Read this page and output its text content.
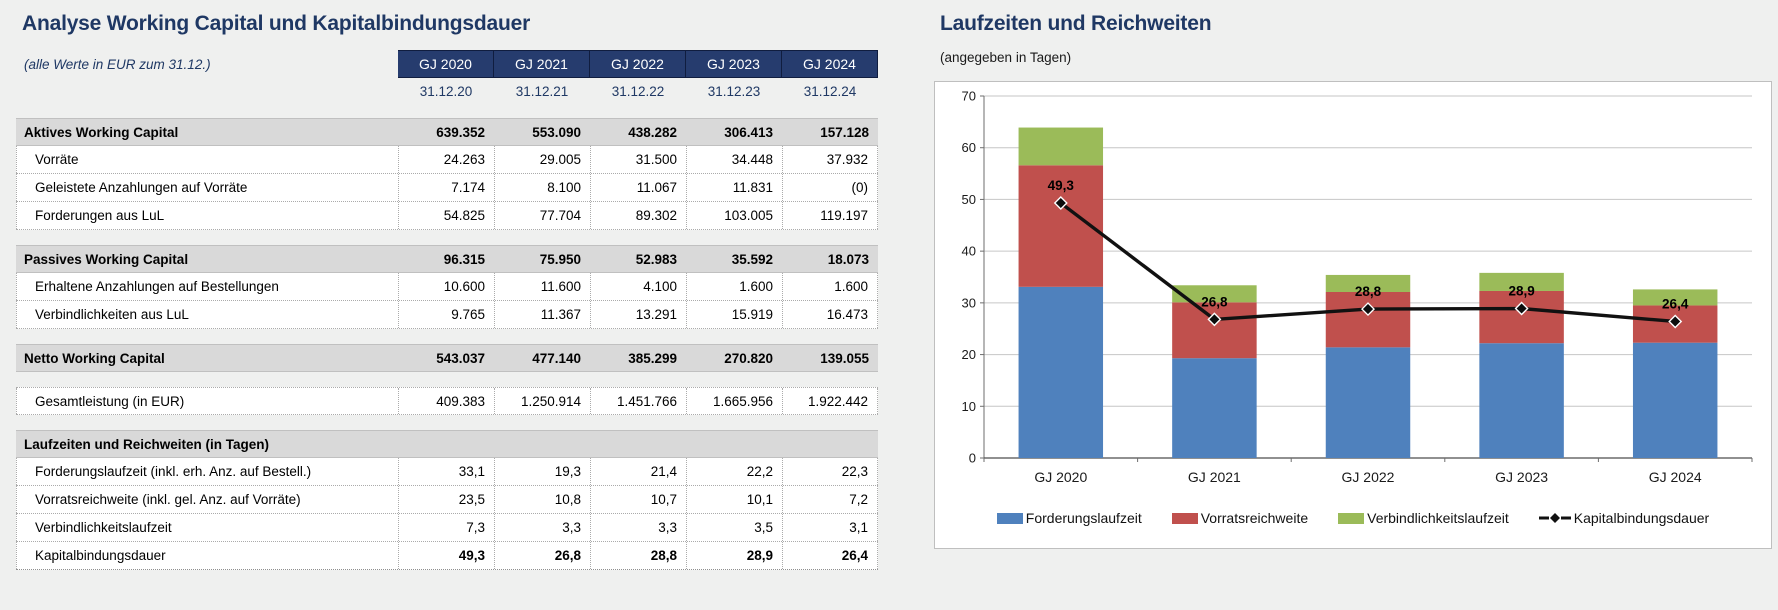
Analyse Working Capital und Kapitalbindungsdauer
(alle Werte in EUR zum 31.12.)	GJ 2020	GJ 2021	GJ 2022	GJ 2023	GJ 2024
31.12.20	31.12.21	31.12.22	31.12.23	31.12.24
Aktives Working Capital	639.352	553.090	438.282	306.413	157.128
Vorräte	24.263	29.005	31.500	34.448	37.932
Geleistete Anzahlungen auf Vorräte	7.174	8.100	11.067	11.831	(0)
Forderungen aus LuL	54.825	77.704	89.302	103.005	119.197
Passives Working Capital	96.315	75.950	52.983	35.592	18.073
Erhaltene Anzahlungen auf Bestellungen	10.600	11.600	4.100	1.600	1.600
Verbindlichkeiten aus LuL	9.765	11.367	13.291	15.919	16.473
Netto Working Capital	543.037	477.140	385.299	270.820	139.055
Gesamtleistung (in EUR)	409.383	1.250.914	1.451.766	1.665.956	1.922.442
Laufzeiten und Reichweiten (in Tagen)
Forderungslaufzeit (inkl. erh. Anz. auf Bestell.)	33,1	19,3	21,4	22,2	22,3
Vorratsreichweite (inkl. gel. Anz. auf Vorräte)	23,5	10,8	10,7	10,1	7,2
Verbindlichkeitslaufzeit	7,3	3,3	3,3	3,5	3,1
Kapitalbindungsdauer	49,3	26,8	28,8	28,9	26,4
Laufzeiten und Reichweiten
(angegeben in Tagen)
0
10
20
30
40
50
60
70
49,3
26,8
28,8	28,9
26,4
GJ 2020	GJ 2021	GJ 2022	GJ 2023	GJ 2024
Forderungslaufzeit	Vorratsreichweite	Verbindlichkeitslaufzeit	Kapitalbindungsdauer
